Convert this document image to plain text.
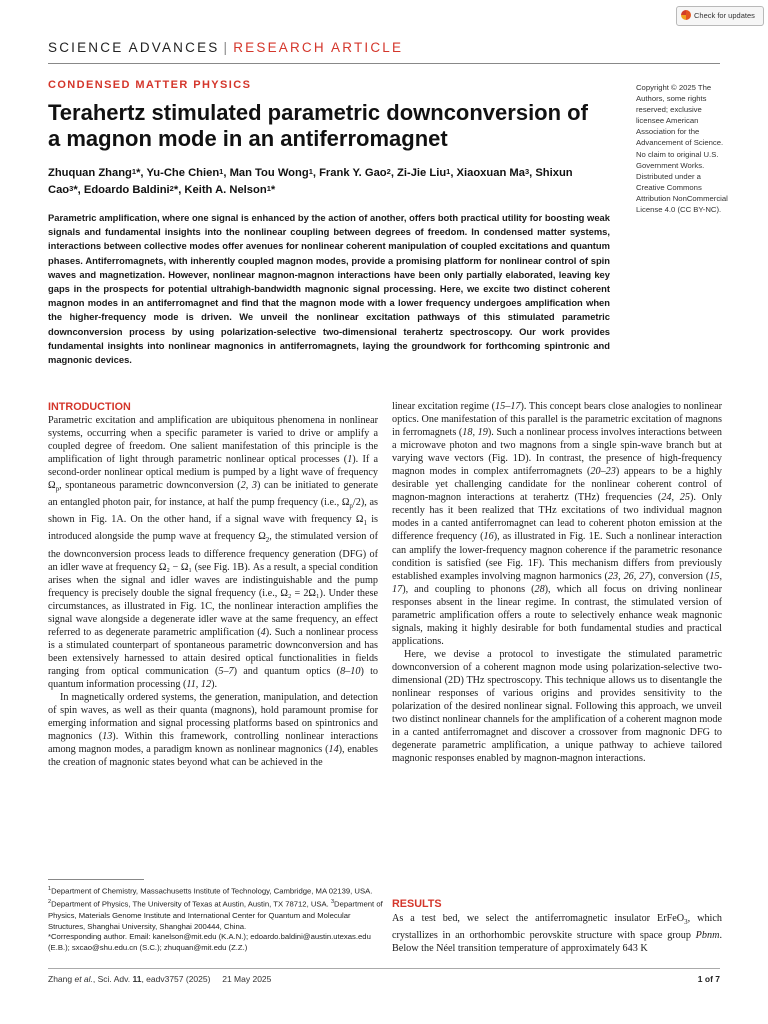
Check for updates
SCIENCE ADVANCES | RESEARCH ARTICLE
CONDENSED MATTER PHYSICS
Terahertz stimulated parametric downconversion of a magnon mode in an antiferromagnet
Zhuquan Zhang$^1$*, Yu-Che Chien$^1$, Man Tou Wong$^1$, Frank Y. Gao$^2$, Zi-Jie Liu$^1$, Xiaoxuan Ma$^3$, Shixun Cao$^3$*, Edoardo Baldini$^2$*, Keith A. Nelson$^1$*

Parametric amplification, where one signal is enhanced by the action of another, offers both practical utility for boosting weak signals and fundamental insights into the nonlinear coupling between degrees of freedom. In condensed matter systems, interactions between collective modes offer avenues for nonlinear coherent manipulation of coupled excitations and quantum phases. Antiferromagnets, with inherently coupled magnon modes, provide a promising platform for nonlinear control of spin waves and magnetization. However, nonlinear magnon-magnon interactions have been only partially elaborated, leaving key gaps in the prospects for potential ultrahigh-bandwidth magnonic signal processing. Here, we excite two distinct coherent magnon modes in an antiferromagnet and find that the magnon mode with a lower frequency undergoes amplification when the higher-frequency mode is driven. We unveil the nonlinear excitation pathways of this stimulated parametric downconversion process by using polarization-selective two-dimensional terahertz spectroscopy. Our work provides fundamental insights into nonlinear magnonics in antiferromagnets, laying the groundwork for forthcoming spintronic and magnonic devices.

Copyright © 2025 The Authors, some rights reserved; exclusive licensee American Association for the Advancement of Science. No claim to original U.S. Government Works. Distributed under a Creative Commons Attribution NonCommercial License 4.0 (CC BY-NC).
INTRODUCTION

Parametric excitation and amplification are ubiquitous phenomena in nonlinear systems, occurring when a specific parameter is varied to drive or amplify a coupled degree of freedom. One salient manifestation of this principle is the amplification of light through parametric nonlinear optical processes (1). If a second-order nonlinear optical medium is pumped by a light wave of frequency $\Omega_p$, spontaneous parametric downconversion (2, 3) can be initiated to generate an entangled photon pair, for instance, at half the pump frequency (i.e., $\Omega_p/2$), as shown in Fig. 1A. On the other hand, if a signal wave with frequency $\Omega_1$ is introduced alongside the pump wave at frequency $\Omega_2$, the stimulated version of the downconversion process leads to difference frequency generation (DFG) of an idler wave at frequency Ω₂ − Ω₁ (see Fig. 1B). As a result, a special condition arises when the signal and idler waves are indistinguishable and the pump frequency is precisely double the signal frequency (i.e., Ω₂ = 2Ω₁). Under these circumstances, as illustrated in Fig. 1C, the nonlinear interaction amplifies the signal wave alongside a degenerate idler wave at the same frequency, an effect referred to as degenerate parametric amplification (4). Such a nonlinear process is a stimulated counterpart of spontaneous parametric downconversion and has been extensively harnessed to attain desired optical functionalities in fields ranging from optical communication (5–7) and quantum optics (8–10) to quantum information processing (11, 12).

In magnetically ordered systems, the generation, manipulation, and detection of spin waves, as well as their quanta (magnons), hold paramount promise for emerging information and signal processing platforms based on spintronics and magnonics (13). Within this framework, controlling nonlinear interactions among magnon modes, a paradigm known as nonlinear magnonics (14), enables the creation of magnonic states beyond what can be achieved in the

linear excitation regime (15–17). This concept bears close analogies to nonlinear optics. One manifestation of this parallel is the parametric excitation of magnons in ferromagnets (18, 19). Such a nonlinear process involves interactions between a microwave photon and two magnons from a single spin-wave branch but at varying wave vectors (Fig. 1D). In contrast, the presence of high-frequency magnon modes in complex antiferromagnets (20–23) appears to be a highly desirable yet challenging candidate for the nonlinear coherent control of magnon-magnon interactions at terahertz (THz) frequencies (24, 25). Only recently has it been realized that THz excitations of two individual magnon modes in a canted antiferromagnet can lead to coherent photon emission at the difference frequency (16), as illustrated in Fig. 1E. Such a nonlinear interaction can amplify the lower-frequency magnon coherence if the parametric resonance condition is satisfied (see Fig. 1F). This mechanism differs from previously established examples involving magnon harmonics (23, 26, 27), conversion (15, 17), and coupling to phonons (28), which all focus on driving nonlinear responses absent in the linear regime. In contrast, the stimulated version of parametric amplification offers a route to selectively enhance weak magnonic signals, making it highly desirable for both fundamental studies and practical applications.

Here, we devise a protocol to investigate the stimulated parametric downconversion of a coherent magnon mode using polarization-selective two-dimensional (2D) THz spectroscopy. This technique allows us to disentangle the nonlinear responses of various origins and provides sensitivity to the polarization of the desired nonlinear signal. Following this approach, we unveil two distinct nonlinear channels for the amplification of a coherent magnon mode in a canted antiferromagnet and discover a crossover from magnonic DFG to degenerate parametric amplification, a unique pathway to achieve tailored magnonic responses enabled by magnon-magnon interactions.

RESULTS

As a test bed, we select the antiferromagnetic insulator ErFeO$_3$, which crystallizes in an orthorhombic perovskite structure with space group Pbnm. Below the Néel transition temperature of approximately 643 K

$^1$Department of Chemistry, Massachusetts Institute of Technology, Cambridge, MA 02139, USA. $^2$Department of Physics, The University of Texas at Austin, Austin, TX 78712, USA. $^3$Department of Physics, Materials Genome Institute and International Center for Quantum and Molecular Structures, Shanghai University, Shanghai 200444, China.
*Corresponding author. Email: kanelson@mit.edu (K.A.N.); edoardo.baldini@austin.utexas.edu (E.B.); sxcao@shu.edu.cn (S.C.); zhuquan@mit.edu (Z.Z.)
Zhang et al., Sci. Adv. 11, eadv3757 (2025)     21 May 2025	1 of 7
